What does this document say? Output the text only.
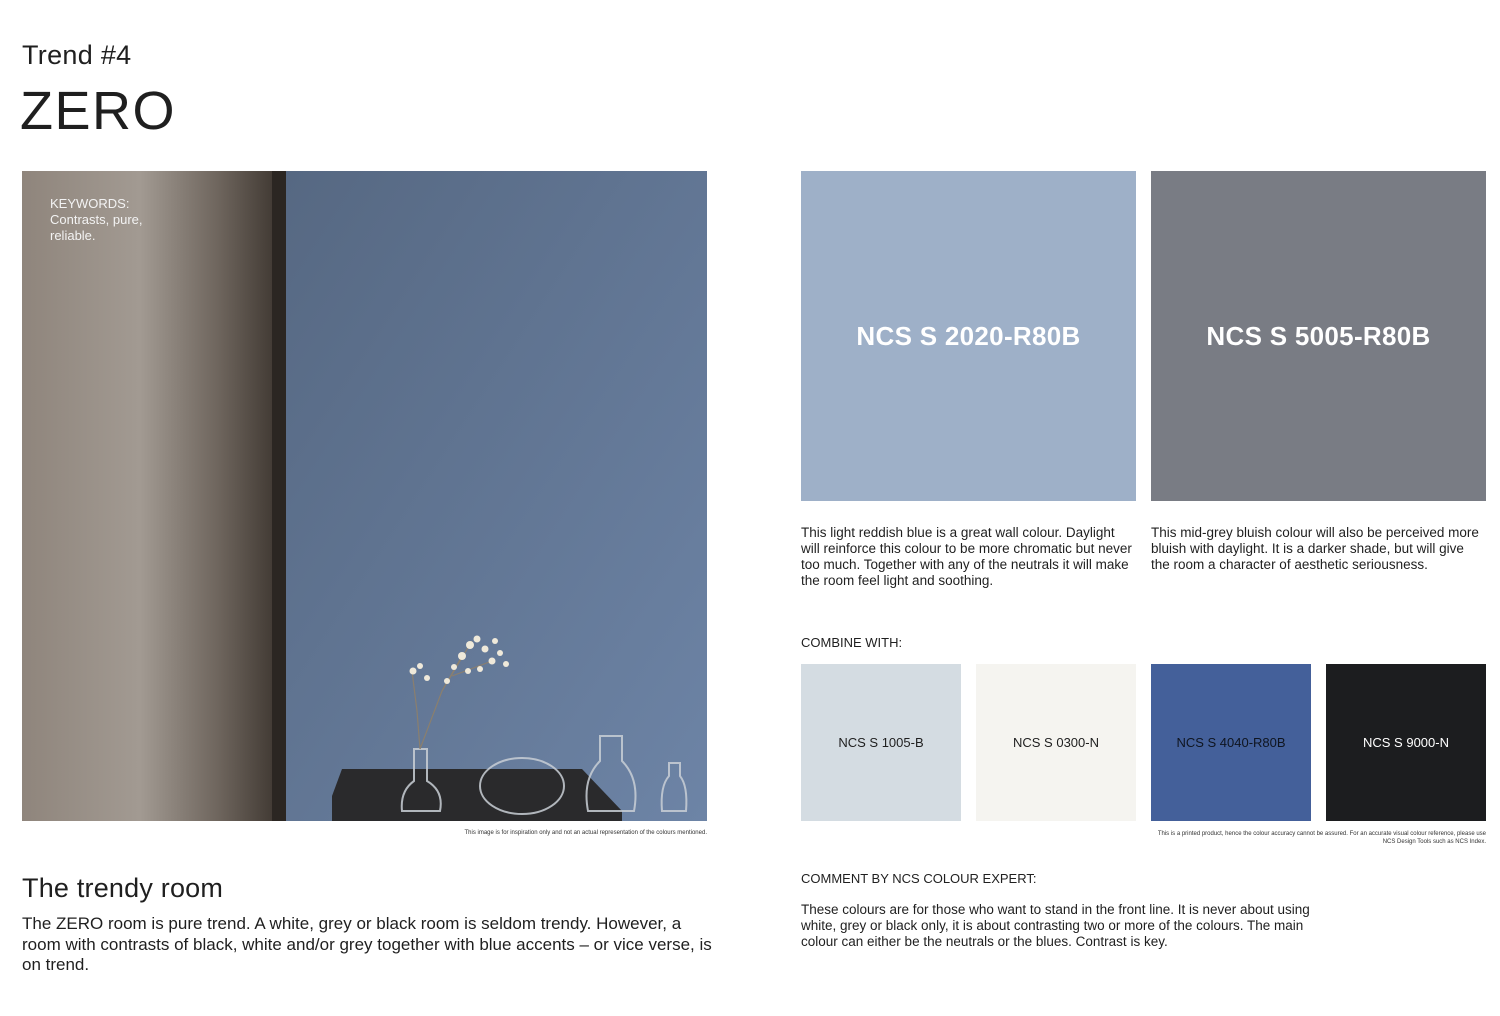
Trend #4
ZERO
KEYWORDS:
Contrasts, pure, reliable.
This image is for inspiration only and not an actual representation of the colours mentioned.
The trendy room
The ZERO room is pure trend. A white, grey or black room is seldom trendy. However, a room with contrasts of black, white and/or grey together with blue accents – or vice verse, is on trend.
NCS S 2020-R80B	NCS S 5005-R80B
This light reddish blue is a great wall colour. Daylight will reinforce this colour to be more chromatic but never too much. Together with any of the neutrals it will make the room feel light and soothing.
This mid-grey bluish colour will also be perceived more bluish with daylight. It is a darker shade, but will give the room a character of aesthetic seriousness.
COMBINE WITH:
NCS S 1005-B	NCS S 0300-N	NCS S 4040-R80B	NCS S 9000-N
This is a printed product, hence the colour accuracy cannot be assured. For an accurate visual colour reference, please use NCS Design Tools such as NCS Index.
COMMENT BY NCS COLOUR EXPERT:
These colours are for those who want to stand in the front line. It is never about using white, grey or black only, it is about contrasting two or more of the colours. The main colour can either be the neutrals or the blues. Contrast is key.
